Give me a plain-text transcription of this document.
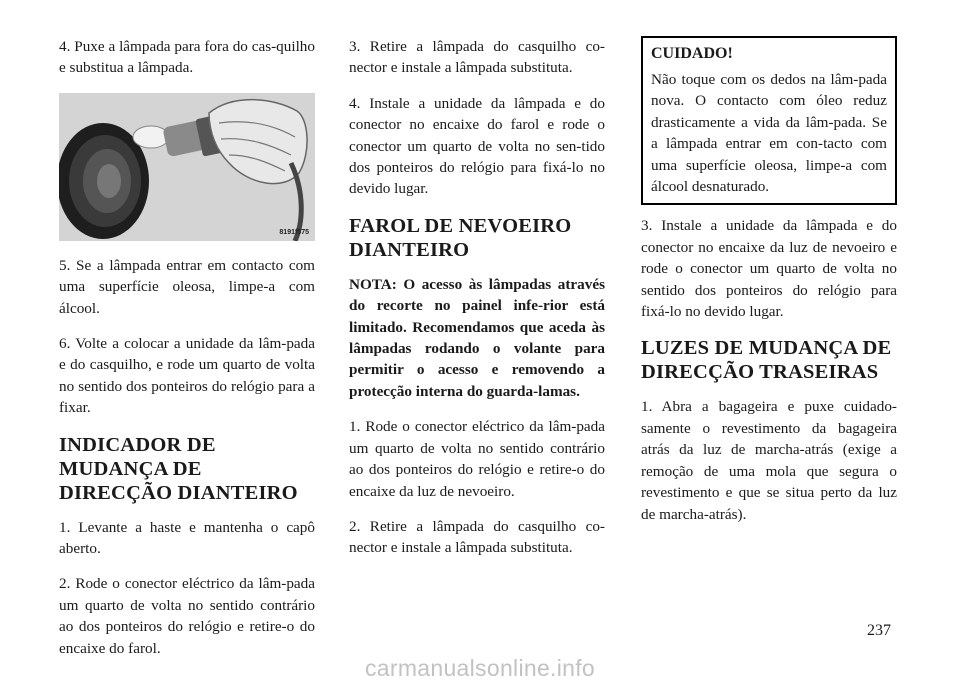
4. Puxe a lâmpada para fora do cas-quilho e substitua a lâmpada.

8191f575

5. Se a lâmpada entrar em contacto com uma superfície oleosa, limpe-a com álcool.

6. Volte a colocar a unidade da lâm-pada e do casquilho, e rode um quarto de volta no sentido dos ponteiros do relógio para a fixar.

INDICADOR DE MUDANÇA DE DIRECÇÃO DIANTEIRO

1. Levante a haste e mantenha o capô aberto.

2. Rode o conector eléctrico da lâm-pada um quarto de volta no sentido contrário ao dos ponteiros do relógio e retire-o do encaixe do farol.

3. Retire a lâmpada do casquilho co-nector e instale a lâmpada substituta.

4. Instale a unidade da lâmpada e do conector no encaixe do farol e rode o conector um quarto de volta no sen-tido dos ponteiros do relógio para fixá-lo no devido lugar.

FAROL DE NEVOEIRO DIANTEIRO

NOTA: O acesso às lâmpadas através do recorte no painel infe-rior está limitado. Recomendamos que aceda às lâmpadas rodando o volante para permitir o acesso e removendo a protecção interna do guarda-lamas.

1. Rode o conector eléctrico da lâm-pada um quarto de volta no sentido contrário ao dos ponteiros do relógio e retire-o do encaixe da luz de nevoeiro.

2. Retire a lâmpada do casquilho co-nector e instale a lâmpada substituta.

CUIDADO!

Não toque com os dedos na lâm-pada nova. O contacto com óleo reduz drasticamente a vida da lâm-pada. Se a lâmpada entrar em con-tacto com uma superfície oleosa, limpe-a com álcool desnaturado.

3. Instale a unidade da lâmpada e do conector no encaixe da luz de nevoeiro e rode o conector um quarto de volta no sentido dos ponteiros do relógio para fixá-lo no devido lugar.

LUZES DE MUDANÇA DE DIRECÇÃO TRASEIRAS

1. Abra a bagageira e puxe cuidado-samente o revestimento da bagageira atrás da luz de marcha-atrás (exige a remoção de uma mola que segura o revestimento e que se situa perto da luz de marcha-atrás).

237
carmanualsonline.info
